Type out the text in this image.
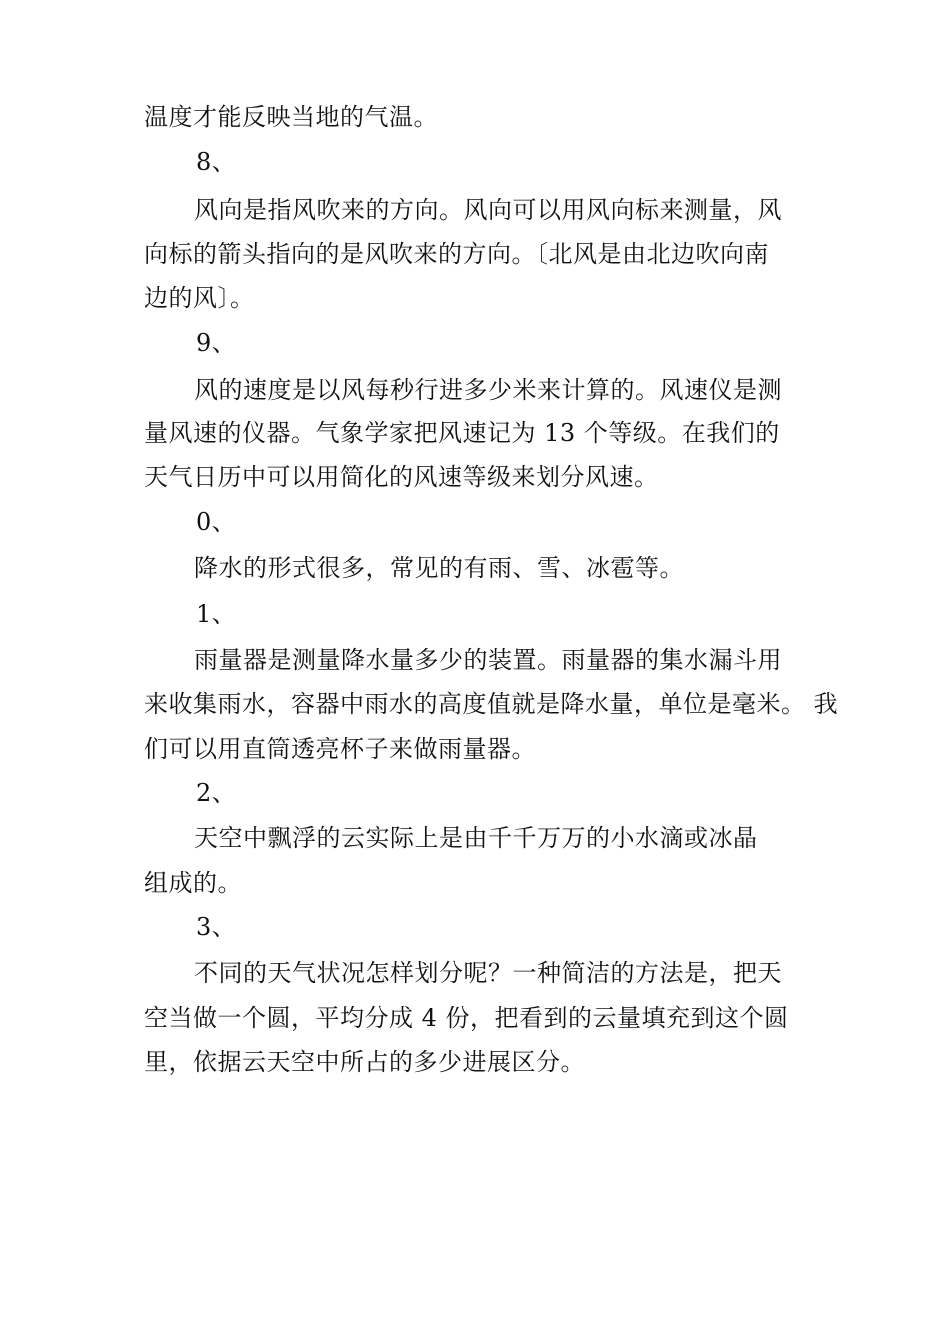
温度才能反映当地的气温。
8、
风向是指风吹来的方向。风向可以用风向标来测量，风
向标的箭头指向的是风吹来的方向。〔北风是由北边吹向南
边的风〕。
9、
风的速度是以风每秒行进多少米来计算的。风速仪是测
量风速的仪器。气象学家把风速记为 13 个等级。在我们的
天气日历中可以用简化的风速等级来划分风速。
0、
降水的形式很多，常见的有雨、雪、冰雹等。
1、
雨量器是测量降水量多少的装置。雨量器的集水漏斗用
来收集雨水，容器中雨水的高度值就是降水量，单位是毫米。 我
们可以用直筒透亮杯子来做雨量器。
2、
天空中飘浮的云实际上是由千千万万的小水滴或冰晶
组成的。
3、
不同的天气状况怎样划分呢？一种简洁的方法是，把天
空当做一个圆，平均分成 4 份，把看到的云量填充到这个圆
里，依据云天空中所占的多少进展区分。
